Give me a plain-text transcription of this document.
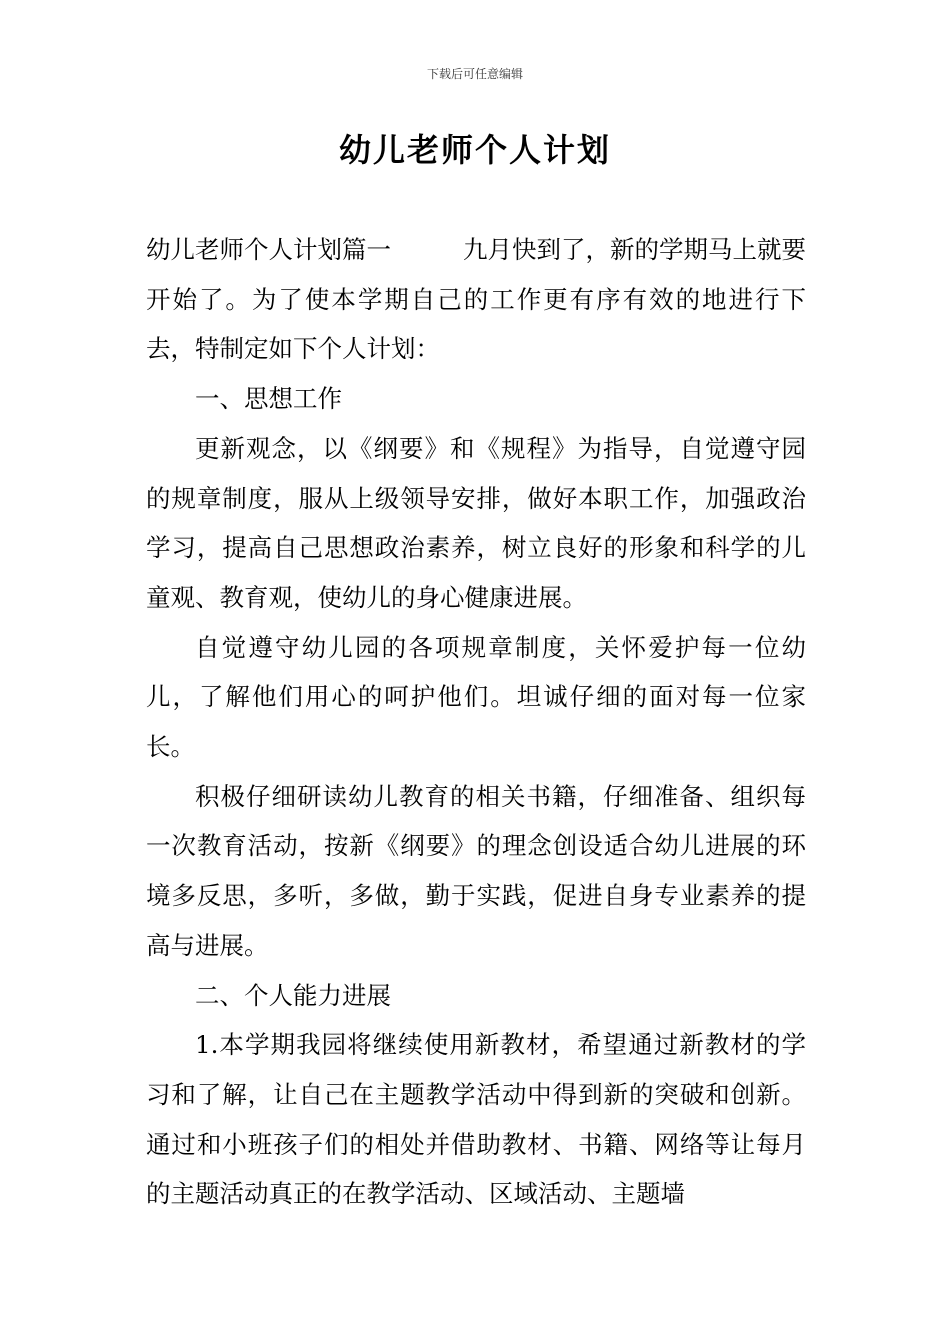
下载后可任意编辑
幼儿老师个人计划

幼儿老师个人计划篇一	九月快到了，新的学期马上就要开始了。为了使本学期自己的工作更有序有效的地进行下去，特制定如下个人计划：

一、思想工作

更新观念，以《纲要》和《规程》为指导，自觉遵守园的规章制度，服从上级领导安排，做好本职工作，加强政治学习，提高自己思想政治素养，树立良好的形象和科学的儿童观、教育观，使幼儿的身心健康进展。

自觉遵守幼儿园的各项规章制度，关怀爱护每一位幼儿，了解他们用心的呵护他们。坦诚仔细的面对每一位家长。

积极仔细研读幼儿教育的相关书籍，仔细准备、组织每一次教育活动，按新《纲要》的理念创设适合幼儿进展的环境多反思，多听，多做，勤于实践，促进自身专业素养的提高与进展。

二、个人能力进展

1.本学期我园将继续使用新教材，希望通过新教材的学习和了解，让自己在主题教学活动中得到新的突破和创新。通过和小班孩子们的相处并借助教材、书籍、网络等让每月的主题活动真正的在教学活动、区域活动、主题墙
